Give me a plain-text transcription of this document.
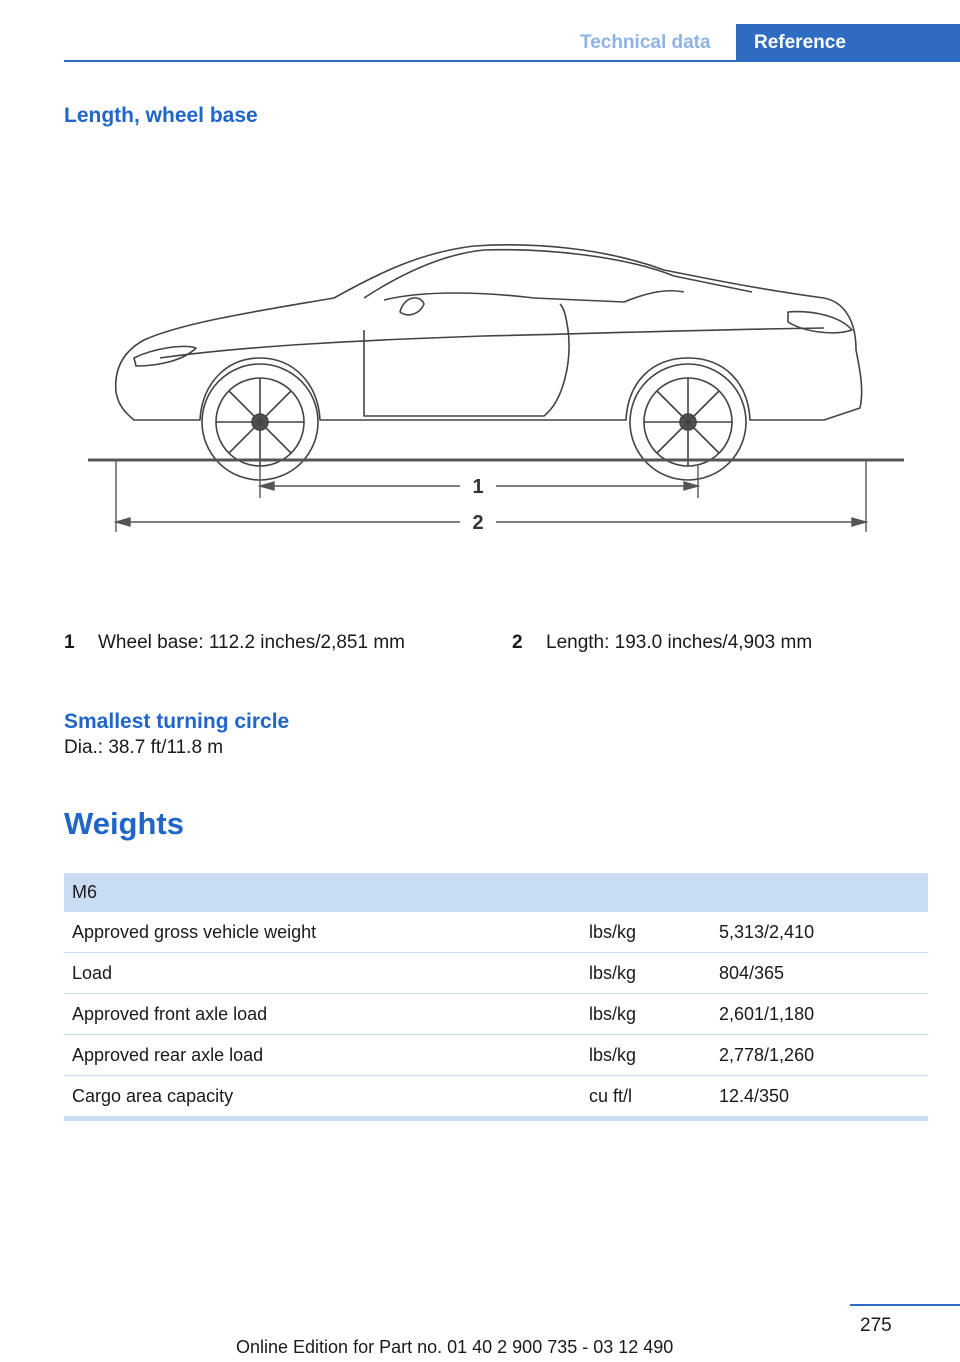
Technical data	Reference
Length, wheel base
1
2
1 Wheel base: 112.2 inches/2,851 mm	2 Length: 193.0 inches/4,903 mm
Smallest turning circle
Dia.: 38.7 ft/11.8 m
Weights
M6
Approved gross vehicle weight	lbs/kg	5,313/2,410
Load	lbs/kg	804/365
Approved front axle load	lbs/kg	2,601/1,180
Approved rear axle load	lbs/kg	2,778/1,260
Cargo area capacity	cu ft/l	12.4/350
275
Online Edition for Part no. 01 40 2 900 735 - 03 12 490
